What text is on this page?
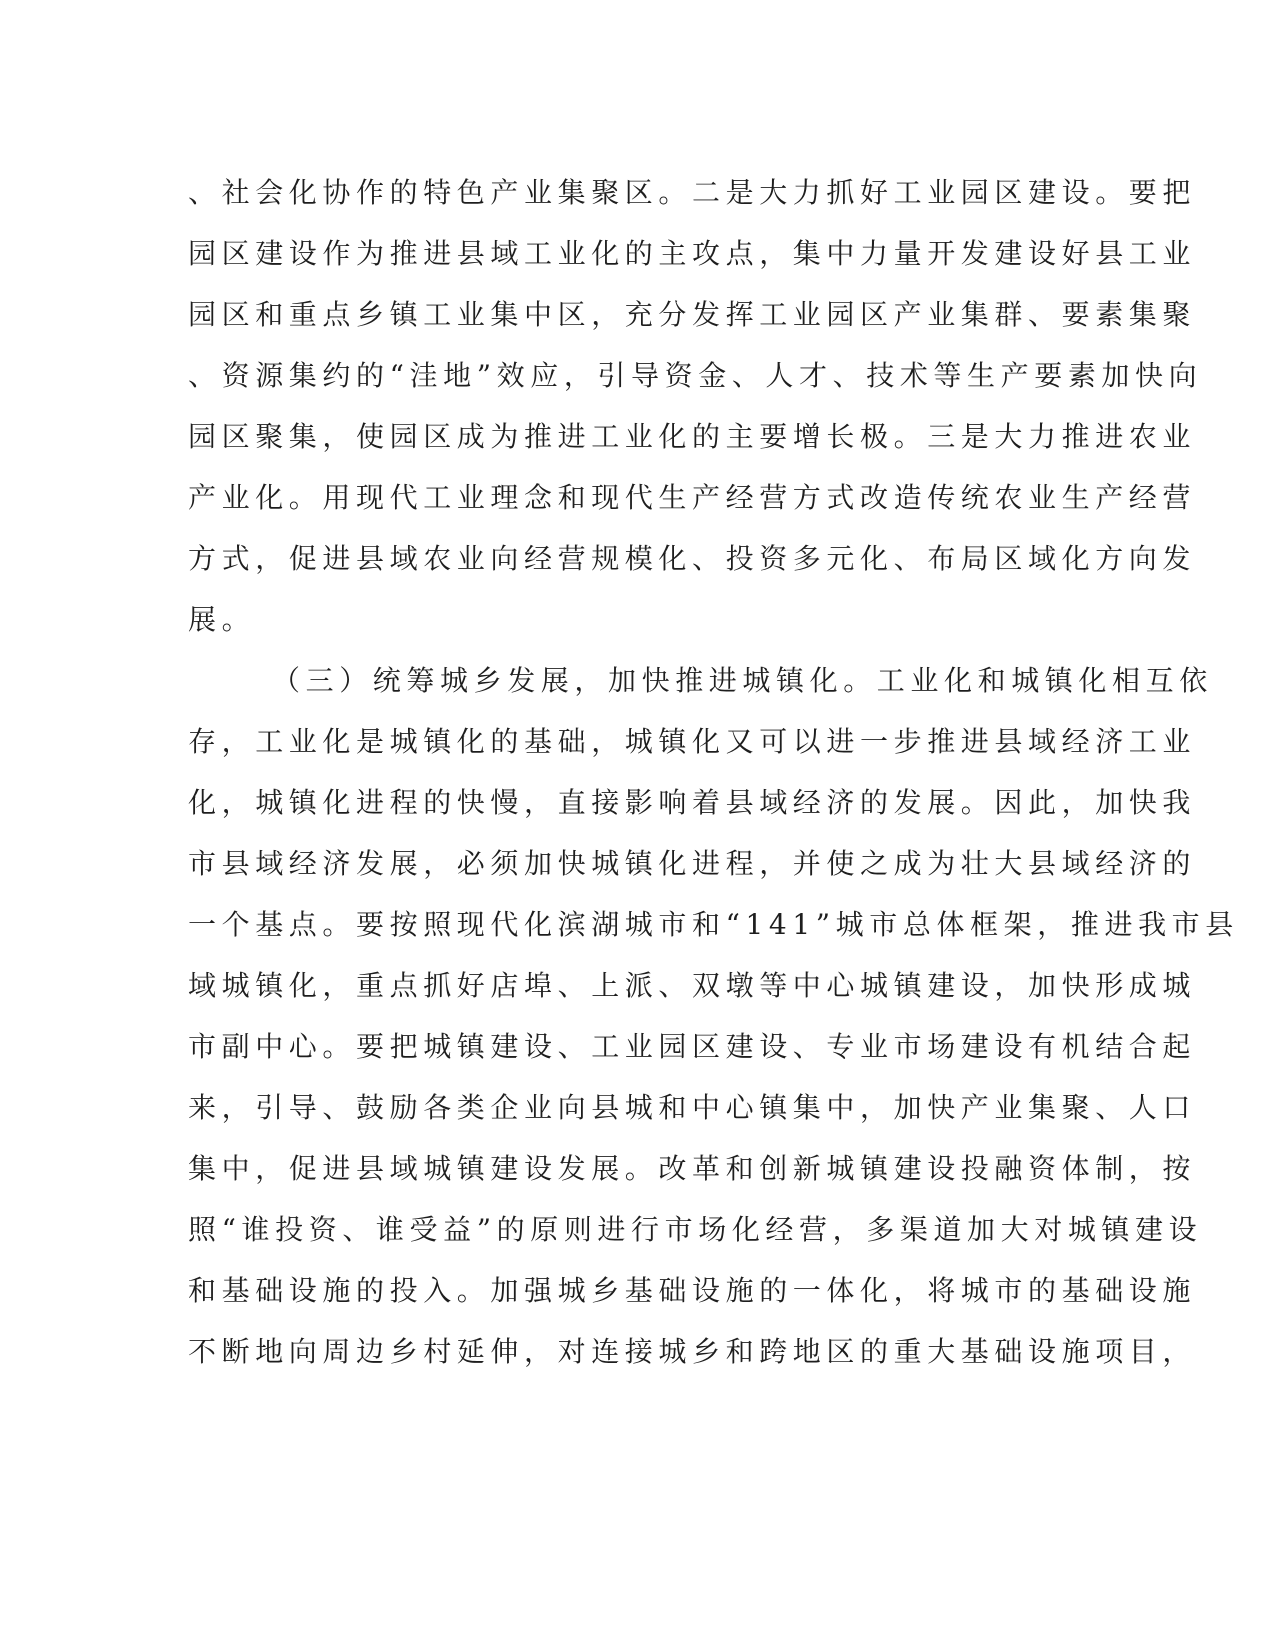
、社会化协作的特色产业集聚区。二是大力抓好工业园区建设。要把
园区建设作为推进县域工业化的主攻点，集中力量开发建设好县工业
园区和重点乡镇工业集中区，充分发挥工业园区产业集群、要素集聚
、资源集约的“洼地”效应，引导资金、人才、技术等生产要素加快向
园区聚集，使园区成为推进工业化的主要增长极。三是大力推进农业
产业化。用现代工业理念和现代生产经营方式改造传统农业生产经营
方式，促进县域农业向经营规模化、投资多元化、布局区域化方向发
展。
（三）统筹城乡发展，加快推进城镇化。工业化和城镇化相互依
存，工业化是城镇化的基础，城镇化又可以进一步推进县域经济工业
化，城镇化进程的快慢，直接影响着县域经济的发展。因此，加快我
市县域经济发展，必须加快城镇化进程，并使之成为壮大县域经济的
一个基点。要按照现代化滨湖城市和“141”城市总体框架，推进我市县
域城镇化，重点抓好店埠、上派、双墩等中心城镇建设，加快形成城
市副中心。要把城镇建设、工业园区建设、专业市场建设有机结合起
来，引导、鼓励各类企业向县城和中心镇集中，加快产业集聚、人口
集中，促进县域城镇建设发展。改革和创新城镇建设投融资体制，按
照“谁投资、谁受益”的原则进行市场化经营，多渠道加大对城镇建设
和基础设施的投入。加强城乡基础设施的一体化，将城市的基础设施
不断地向周边乡村延伸，对连接城乡和跨地区的重大基础设施项目，
